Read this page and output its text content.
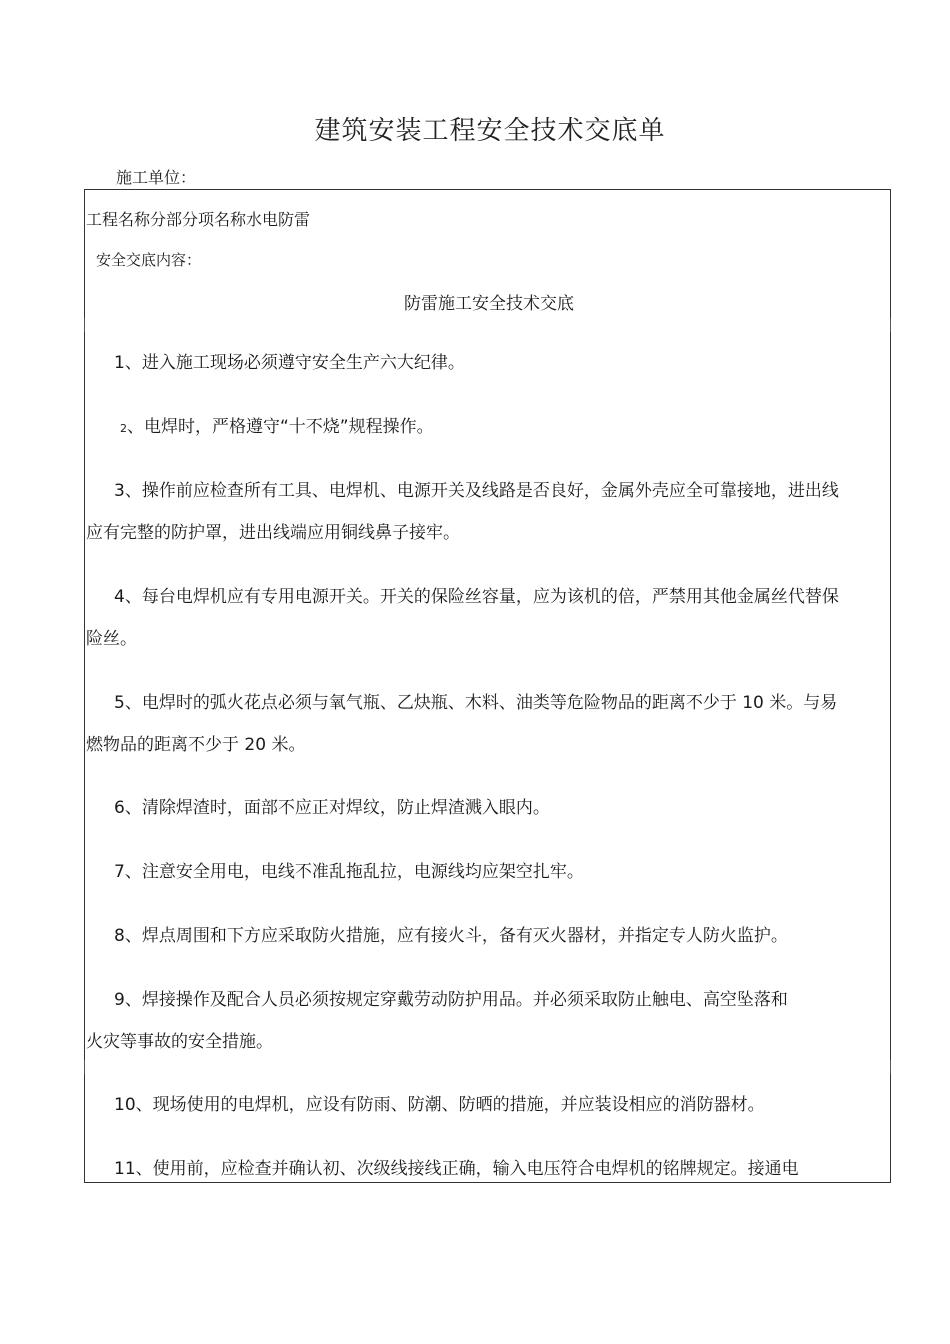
建筑安装工程安全技术交底单
施工单位：
工程名称分部分项名称水电防雷
安全交底内容：
防雷施工安全技术交底
1、进入施工现场必须遵守安全生产六大纪律。
2、电焊时，严格遵守“十不烧”规程操作。
3、操作前应检查所有工具、电焊机、电源开关及线路是否良好，金属外壳应全可靠接地，进出线
应有完整的防护罩，进出线端应用铜线鼻子接牢。
4、每台电焊机应有专用电源开关。开关的保险丝容量，应为该机的倍，严禁用其他金属丝代替保
险丝。
5、电焊时的弧火花点必须与氧气瓶、乙炔瓶、木料、油类等危险物品的距离不少于 10 米。与易
燃物品的距离不少于 20 米。
6、清除焊渣时，面部不应正对焊纹，防止焊渣溅入眼内。
7、注意安全用电，电线不准乱拖乱拉，电源线均应架空扎牢。
8、焊点周围和下方应采取防火措施，应有接火斗，备有灭火器材，并指定专人防火监护。
9、焊接操作及配合人员必须按规定穿戴劳动防护用品。并必须采取防止触电、高空坠落和
火灾等事故的安全措施。
10、现场使用的电焊机，应设有防雨、防潮、防晒的措施，并应装设相应的消防器材。
11、使用前，应检查并确认初、次级线接线正确，输入电压符合电焊机的铭牌规定。接通电
